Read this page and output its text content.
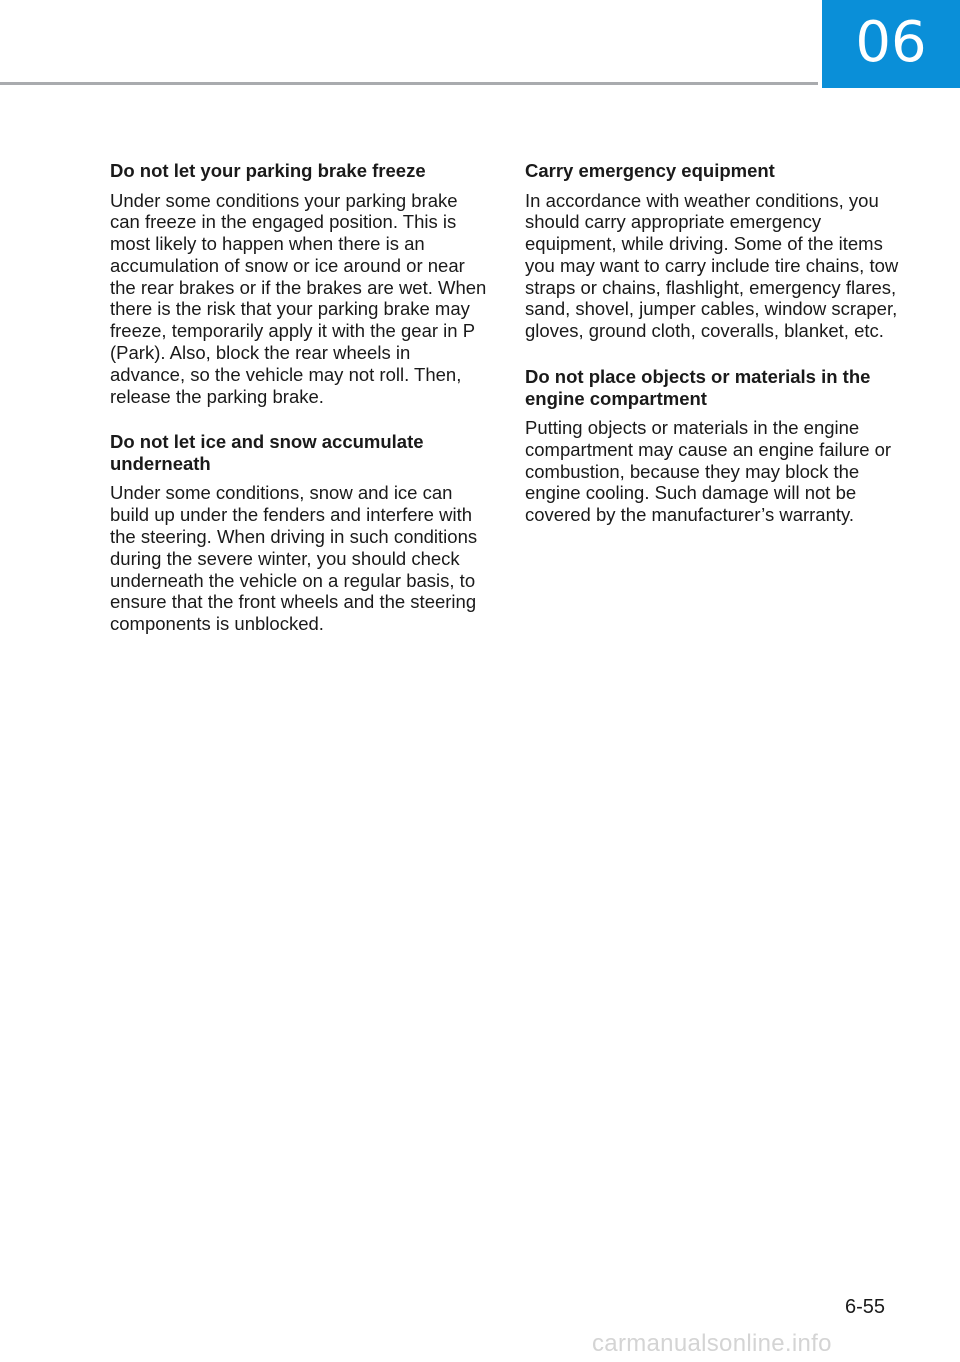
06

Do not let your parking brake freeze

Under some conditions your parking brake can freeze in the engaged position. This is most likely to happen when there is an accumulation of snow or ice around or near the rear brakes or if the brakes are wet. When there is the risk that your parking brake may freeze, temporarily apply it with the gear in P (Park). Also, block the rear wheels in advance, so the vehicle may not roll. Then, release the parking brake.

Do not let ice and snow accumulate underneath

Under some conditions, snow and ice can build up under the fenders and interfere with the steering. When driving in such conditions during the severe winter, you should check underneath the vehicle on a regular basis, to ensure that the front wheels and the steering components is unblocked.

Carry emergency equipment

In accordance with weather conditions, you should carry appropriate emergency equipment, while driving. Some of the items you may want to carry include tire chains, tow straps or chains, flashlight, emergency flares, sand, shovel, jumper cables, window scraper, gloves, ground cloth, coveralls, blanket, etc.

Do not place objects or materials in the engine compartment

Putting objects or materials in the engine compartment may cause an engine failure or combustion, because they may block the engine cooling. Such damage will not be covered by the manufacturer’s warranty.

6-55
carmanualsonline.info
